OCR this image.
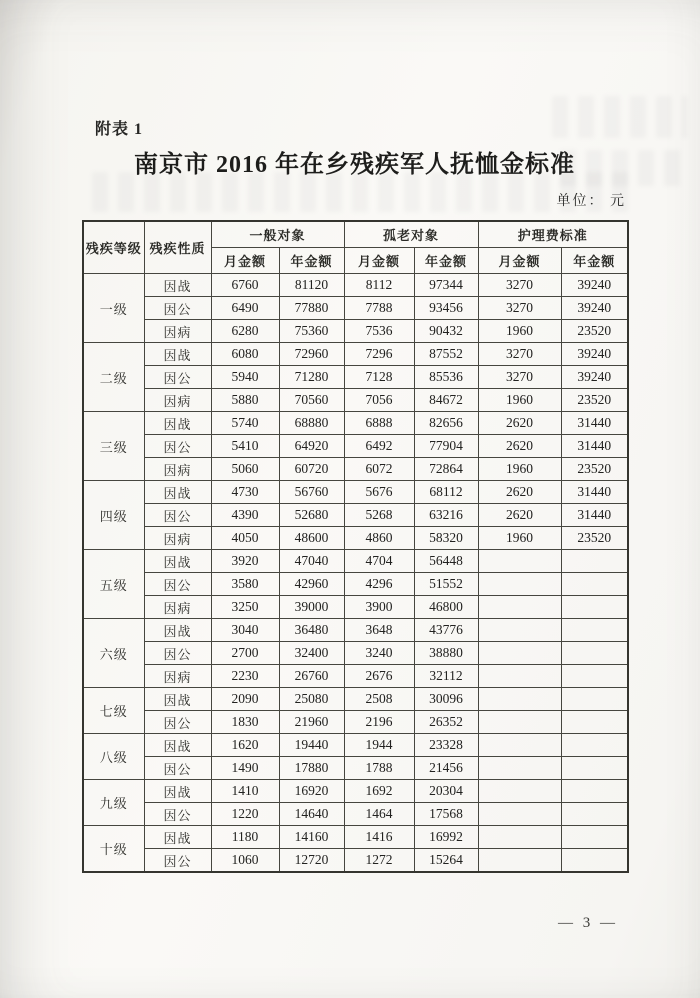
附表 1
南京市 2016 年在乡残疾军人抚恤金标准
单位： 元
残疾等级	残疾性质	一般对象		孤老对象		护理费标准	
		月金额	年金额	月金额	年金额	月金额	年金额
一级	因战	6760	81120	8112	97344	3270	39240
	因公	6490	77880	7788	93456	3270	39240
	因病	6280	75360	7536	90432	1960	23520
二级	因战	6080	72960	7296	87552	3270	39240
	因公	5940	71280	7128	85536	3270	39240
	因病	5880	70560	7056	84672	1960	23520
三级	因战	5740	68880	6888	82656	2620	31440
	因公	5410	64920	6492	77904	2620	31440
	因病	5060	60720	6072	72864	1960	23520
四级	因战	4730	56760	5676	68112	2620	31440
	因公	4390	52680	5268	63216	2620	31440
	因病	4050	48600	4860	58320	1960	23520
五级	因战	3920	47040	4704	56448		
	因公	3580	42960	4296	51552		
	因病	3250	39000	3900	46800		
六级	因战	3040	36480	3648	43776		
	因公	2700	32400	3240	38880		
	因病	2230	26760	2676	32112		
七级	因战	2090	25080	2508	30096		
	因公	1830	21960	2196	26352		
八级	因战	1620	19440	1944	23328		
	因公	1490	17880	1788	21456		
九级	因战	1410	16920	1692	20304		
	因公	1220	14640	1464	17568		
十级	因战	1180	14160	1416	16992		
	因公	1060	12720	1272	15264		
— 3 —
